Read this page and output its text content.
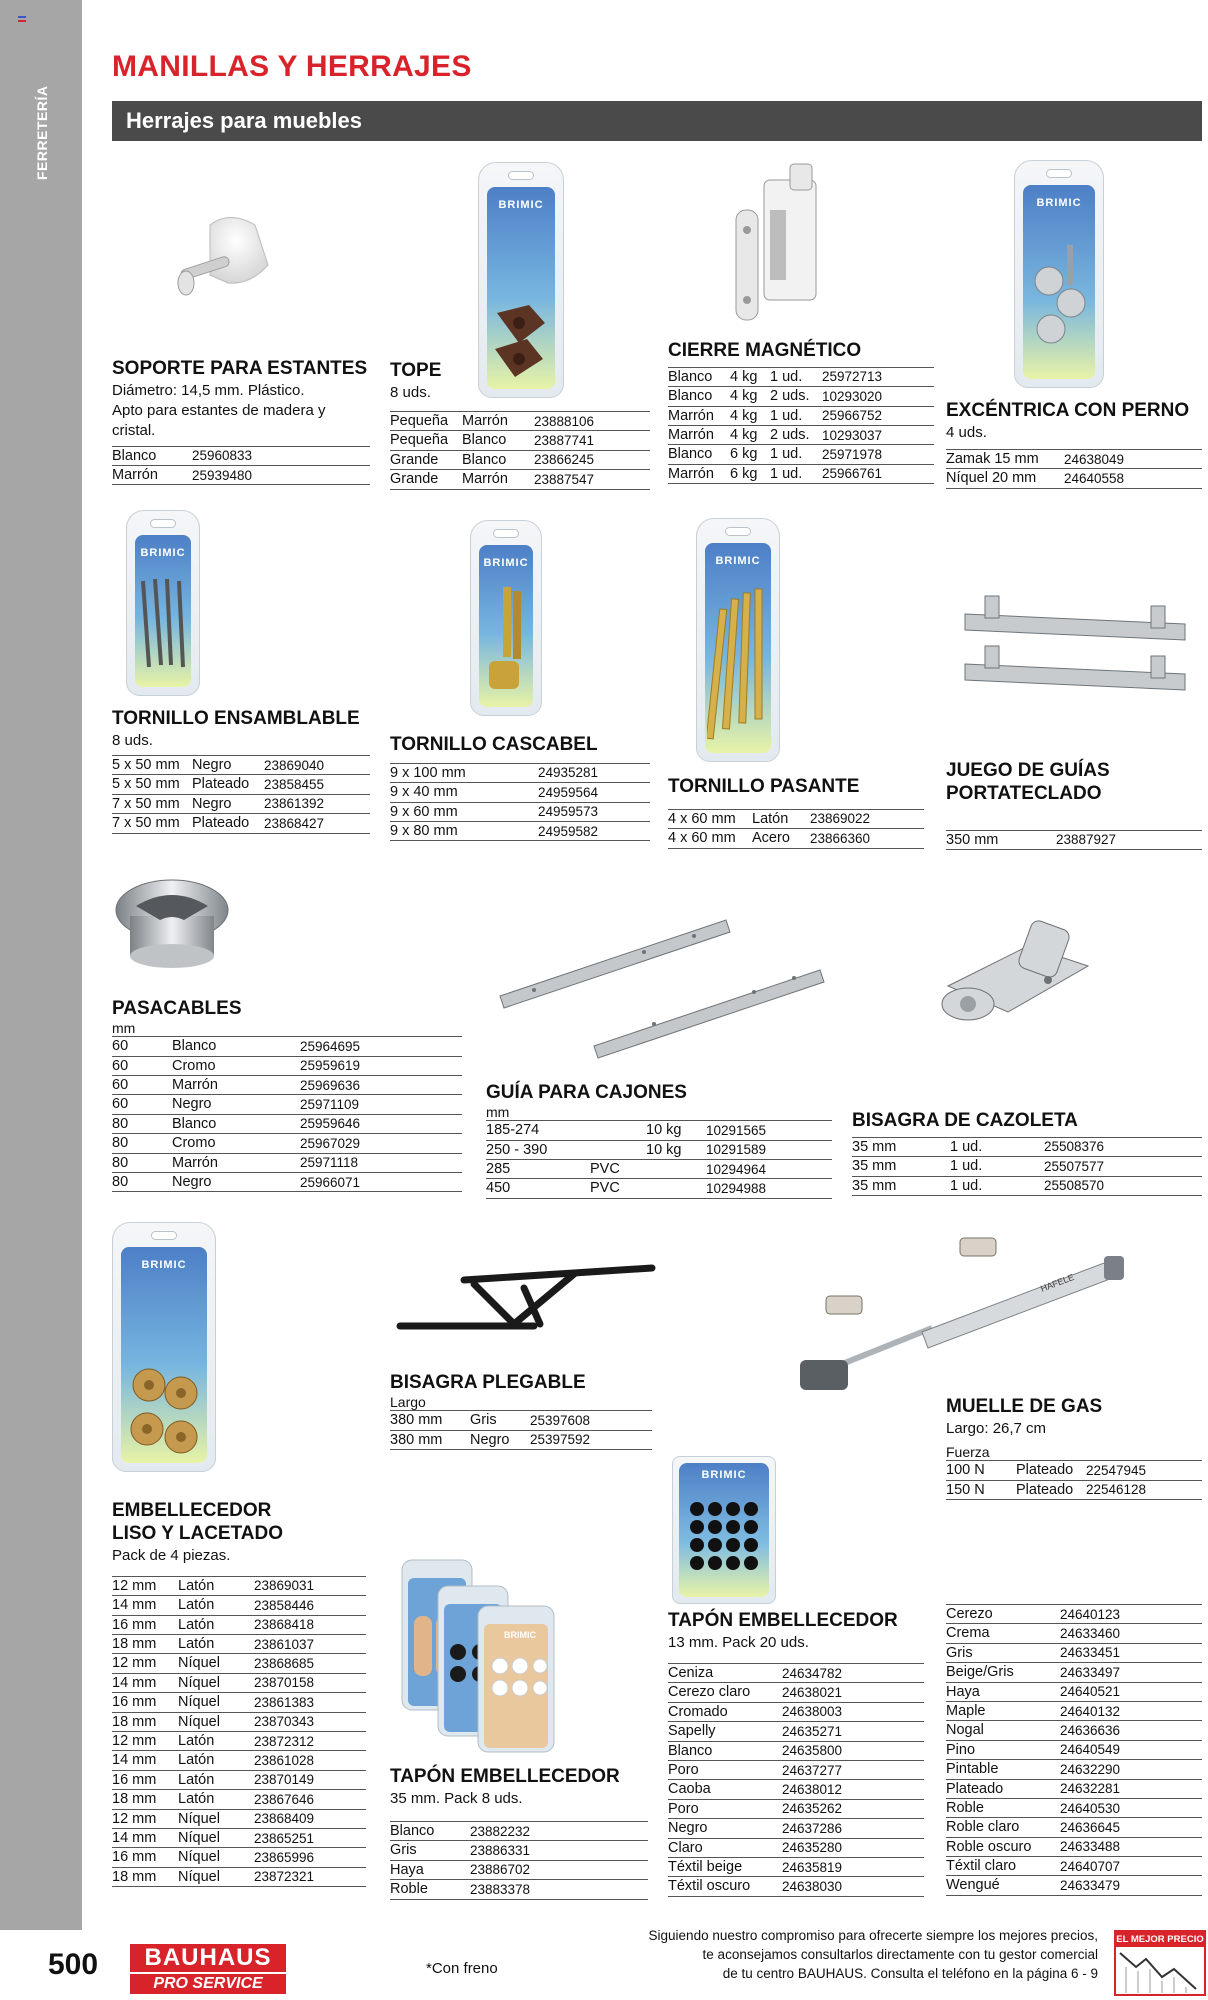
FERRETERÍA
MANILLAS Y HERRAJES
Herrajes para muebles
SOPORTE PARA ESTANTES
Diámetro: 14,5 mm. Plástico.
Apto para estantes de madera y cristal.
Blanco	25960833
Marrón	25939480
BRIMIC
TOPE
8 uds.
Pequeña	Marrón	23888106
Pequeña	Blanco	23887741
Grande	Blanco	23866245
Grande	Marrón	23887547
CIERRE MAGNÉTICO
Blanco	4 kg	1 ud.	25972713
Blanco	4 kg	2 uds.	10293020
Marrón	4 kg	1 ud.	25966752
Marrón	4 kg	2 uds.	10293037
Blanco	6 kg	1 ud.	25971978
Marrón	6 kg	1 ud.	25966761
BRIMIC
EXCÉNTRICA CON PERNO
4 uds.
Zamak 15 mm	24638049
Níquel 20 mm	24640558
BRIMIC
TORNILLO ENSAMBLABLE
8 uds.
5 x 50 mm	Negro	23869040
5 x 50 mm	Plateado	23858455
7 x 50 mm	Negro	23861392
7 x 50 mm	Plateado	23868427
BRIMIC
TORNILLO CASCABEL
9 x 100 mm	24935281
9 x 40 mm	24959564
9 x 60 mm	24959573
9 x 80 mm	24959582
BRIMIC
TORNILLO PASANTE
4 x 60 mm	Latón	23869022
4 x 60 mm	Acero	23866360
JUEGO DE GUÍAS
PORTATECLADO
350 mm	23887927
PASACABLES
mm
60	Blanco	25964695
60	Cromo	25959619
60	Marrón	25969636
60	Negro	25971109
80	Blanco	25959646
80	Cromo	25967029
80	Marrón	25971118
80	Negro	25966071
GUÍA PARA CAJONES
mm
185-274		10 kg	10291565
250 - 390		10 kg	10291589
285	PVC		10294964
450	PVC		10294988
BISAGRA DE CAZOLETA
35 mm	1 ud.	25508376
35 mm	1 ud.	25507577
35 mm	1 ud.	25508570
BRIMIC
EMBELLECEDOR
LISO Y LACETADO
Pack de 4 piezas.
12 mm	Latón	23869031
14 mm	Latón	23858446
16 mm	Latón	23868418
18 mm	Latón	23861037
12 mm	Níquel	23868685
14 mm	Níquel	23870158
16 mm	Níquel	23861383
18 mm	Níquel	23870343
12 mm	Latón	23872312
14 mm	Latón	23861028
16 mm	Latón	23870149
18 mm	Latón	23867646
12 mm	Níquel	23868409
14 mm	Níquel	23865251
16 mm	Níquel	23865996
18 mm	Níquel	23872321
BISAGRA PLEGABLE
Largo
380 mm	Gris	25397608
380 mm	Negro	25397592
HAFELE
MUELLE DE GAS
Largo: 26,7 cm
Fuerza
100 N	Plateado	22547945
150 N	Plateado	22546128
BRIMIC
TAPÓN EMBELLECEDOR
35 mm. Pack 8 uds.
Blanco	23882232
Gris	23886331
Haya	23886702
Roble	23883378
BRIMIC
TAPÓN EMBELLECEDOR
13 mm. Pack 20 uds.
Ceniza	24634782
Cerezo claro	24638021
Cromado	24638003
Sapelly	24635271
Blanco	24635800
Poro	24637277
Caoba	24638012
Poro	24635262
Negro	24637286
Claro	24635280
Téxtil beige	24635819
Téxtil oscuro	24638030
Cerezo	24640123
Crema	24633460
Gris	24633451
Beige/Gris	24633497
Haya	24640521
Maple	24640132
Nogal	24636636
Pino	24640549
Pintable	24632290
Plateado	24632281
Roble	24640530
Roble claro	24636645
Roble oscuro	24633488
Téxtil claro	24640707
Wengué	24633479
500	BAUHAUS
PRO SERVICE
*Con freno
Siguiendo nuestro compromiso para ofrecerte siempre los mejores precios,
te aconsejamos consultarlos directamente con tu gestor comercial
de tu centro BAUHAUS. Consulta el teléfono en la página 6 - 9
EL MEJOR PRECIO
